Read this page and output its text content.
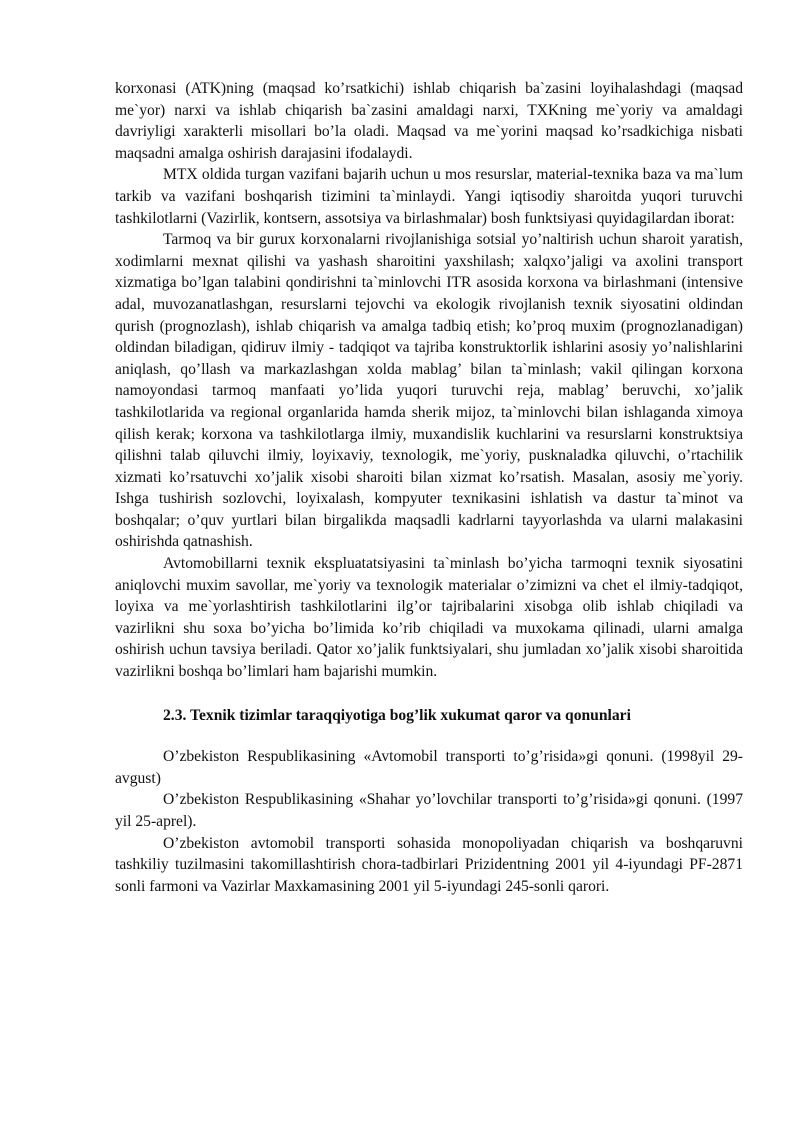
korxonasi (ATK)ning (maqsad ko’rsatkichi) ishlab chiqarish ba`zasini loyihalashdagi (maqsad me`yor) narxi va ishlab chiqarish ba`zasini amaldagi narxi, TXKning me`yoriy va amaldagi davriyligi xarakterli misollari bo’la oladi. Maqsad va me`yorini maqsad ko’rsadkichiga nisbati maqsadni amalga oshirish darajasini ifodalaydi.

MTX oldida turgan vazifani bajarih uchun u mos resurslar, material-texnika baza va ma`lum tarkib va vazifani boshqarish tizimini ta`minlaydi. Yangi iqtisodiy sharoitda yuqori turuvchi tashkilotlarni (Vazirlik, kontsern, assotsiya va birlashmalar) bosh funktsiyasi quyidagilardan iborat:

Tarmoq va bir gurux korxonalarni rivojlanishiga sotsial yo’naltirish uchun sharoit yaratish, xodimlarni mexnat qilishi va yashash sharoitini yaxshilash; xalqxo’jaligi va axolini transport xizmatiga bo’lgan talabini qondirishni ta`minlovchi ITR asosida korxona va birlashmani (intensive adal, muvozanatlashgan, resurslarni tejovchi va ekologik rivojlanish texnik siyosatini oldindan qurish (prognozlash), ishlab chiqarish va amalga tadbiq etish; ko’proq muxim (prognozlanadigan) oldindan biladigan, qidiruv ilmiy - tadqiqot va tajriba konstruktorlik ishlarini asosiy yo’nalishlarini aniqlash, qo’llash va markazlashgan xolda mablag’ bilan ta`minlash; vakil qilingan korxona namoyondasi tarmoq manfaati yo’lida yuqori turuvchi reja, mablag’ beruvchi, xo’jalik tashkilotlarida va regional organlarida hamda sherik mijoz, ta`minlovchi bilan ishlaganda ximoya qilish kerak; korxona va tashkilotlarga ilmiy, muxandislik kuchlarini va resurslarni konstruktsiya qilishni talab qiluvchi ilmiy, loyixaviy, texnologik, me`yoriy, pusknaladka qiluvchi, o’rtachilik xizmati ko’rsatuvchi xo’jalik xisobi sharoiti bilan xizmat ko’rsatish. Masalan, asosiy me`yoriy. Ishga tushirish sozlovchi, loyixalash, kompyuter texnikasini ishlatish va dastur ta`minot va boshqalar; o’quv yurtlari bilan birgalikda maqsadli kadrlarni tayyorlashda va ularni malakasini oshirishda qatnashish.

Avtomobillarni texnik ekspluatatsiyasini ta`minlash bo’yicha tarmoqni texnik siyosatini aniqlovchi muxim savollar, me`yoriy va texnologik materialar o’zimizni va chet el ilmiy-tadqiqot, loyixa va me`yorlashtirish tashkilotlarini ilg’or tajribalarini xisobga olib ishlab chiqiladi va vazirlikni shu soxa bo’yicha bo’limida ko’rib chiqiladi va muxokama qilinadi, ularni amalga oshirish uchun tavsiya beriladi. Qator xo’jalik funktsiyalari, shu jumladan xo’jalik xisobi sharoitida vazirlikni boshqa bo’limlari ham bajarishi mumkin.

2.3. Texnik tizimlar taraqqiyotiga bog’lik xukumat qaror va qonunlari

O’zbekiston Respublikasining «Avtomobil transporti to’g’risida»gi qonuni. (1998yil 29-avgust)

O’zbekiston Respublikasining «Shahar yo’lovchilar transporti to’g’risida»gi qonuni. (1997 yil 25-aprel).

O’zbekiston avtomobil transporti sohasida monopoliyadan chiqarish va boshqaruvni tashkiliy tuzilmasini takomillashtirish chora-tadbirlari Prizidentning 2001 yil 4-iyundagi PF-2871 sonli farmoni va Vazirlar Maxkamasining 2001 yil 5-iyundagi 245-sonli qarori.
